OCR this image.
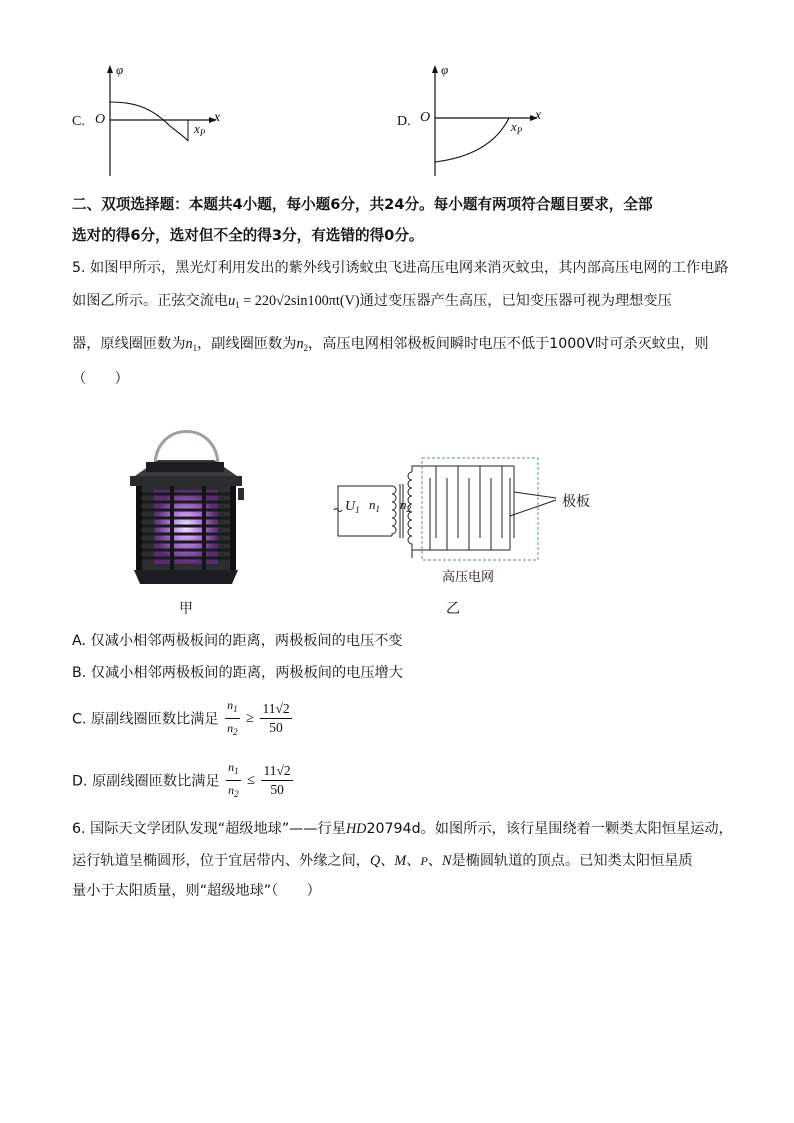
C.
φ
O	x
$x_P$
D.
φ
O	x
$x_P$
二、双项选择题：本题共4小题，每小题6分，共24分。每小题有两项符合题目要求，全部
选对的得6分，选对但不全的得3分，有选错的得0分。
5. 如图甲所示，黑光灯利用发出的紫外线引诱蚊虫飞进高压电网来消灭蚊虫，其内部高压电网的工作电路
如图乙所示。正弦交流电$u_1 = 220√2\sin 100\pi t(V)$通过变压器产生高压，已知变压器可视为理想变压
器，原线圈匝数为$n_1$，副线圈匝数为$n_2$，高压电网相邻极板间瞬时电压不低于1000V时可杀灭蚊虫，则
（　　）
甲
$U_1$ $n_1$ $n_2$	极板
高压电网
乙
A. 仅减小相邻两极板间的距离，两极板间的电压不变
B. 仅减小相邻两极板间的距离，两极板间的电压增大
C. 原副线圈匝数比满足 $\frac{n_1}{n_2} \ge \frac{11√2}{50}$
D. 原副线圈匝数比满足 $\frac{n_1}{n_2} \le \frac{11√2}{50}$
6. 国际天文学团队发现“超级地球”——行星HD20794d。如图所示，该行星围绕着一颗类太阳恒星运动，
运行轨道呈椭圆形，位于宜居带内、外缘之间，Q、M、P、N是椭圆轨道的顶点。已知类太阳恒星质
量小于太阳质量，则“超级地球”（　　）
